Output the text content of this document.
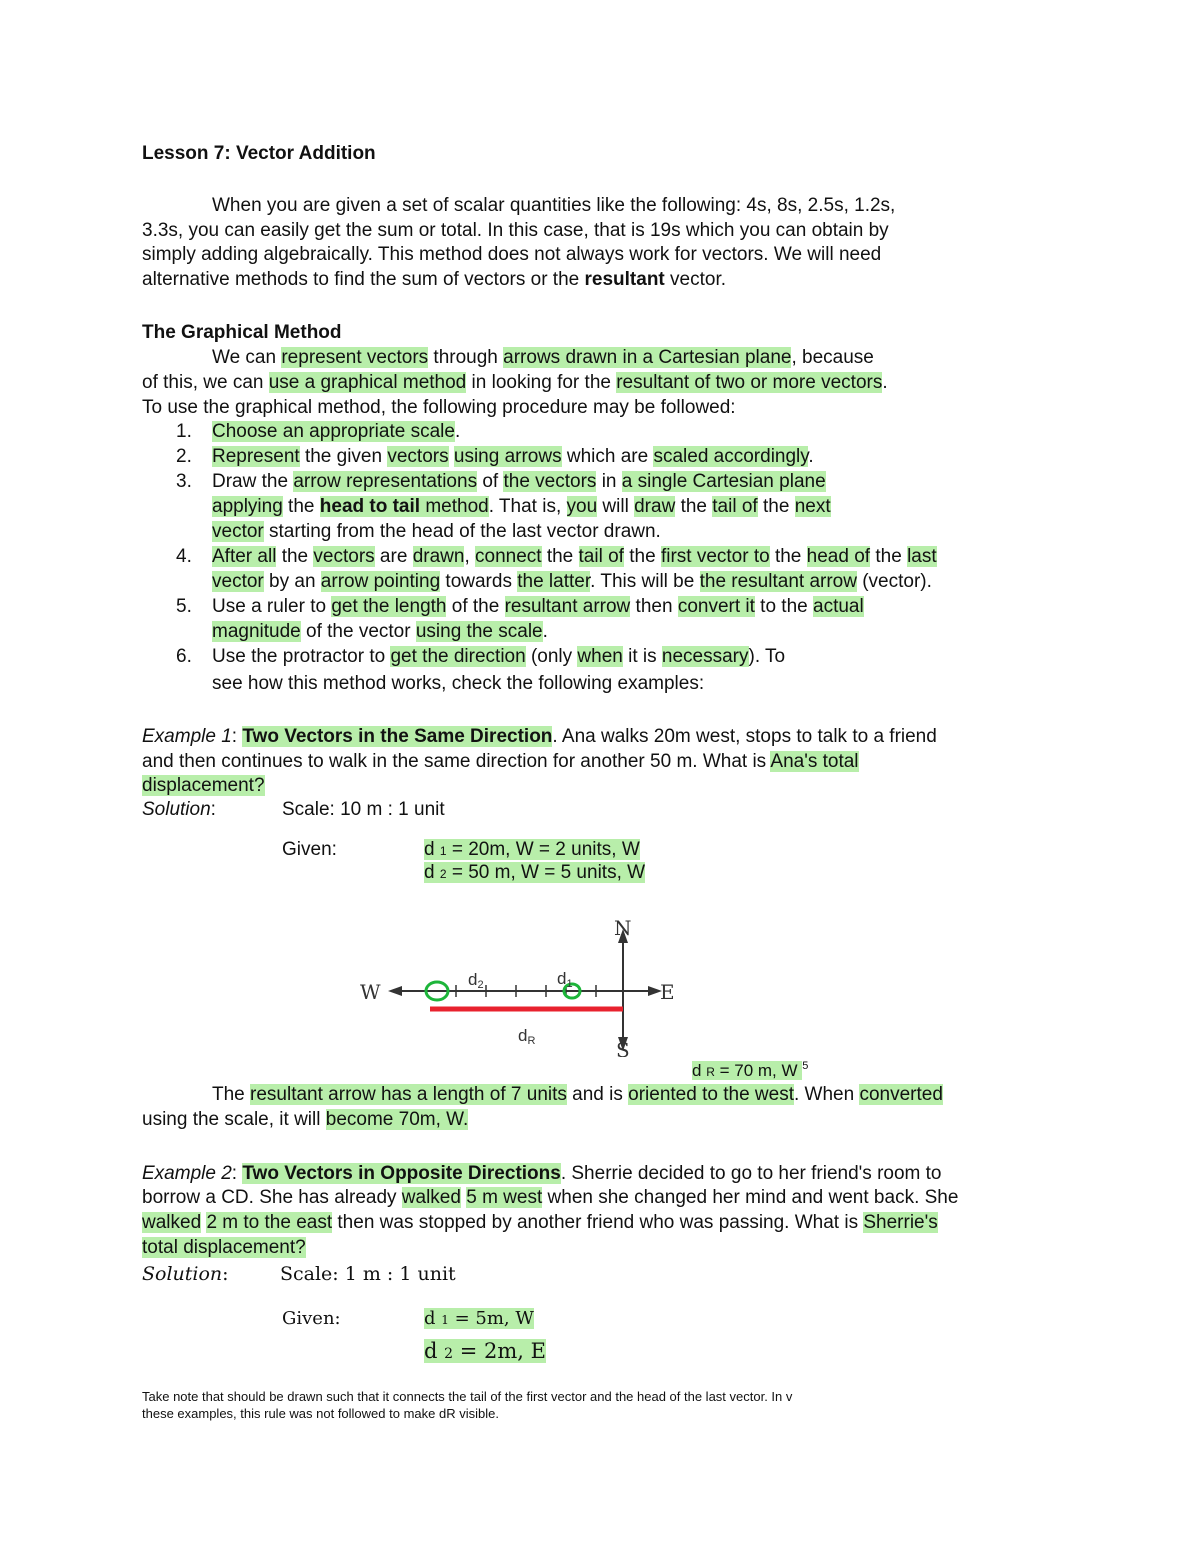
Lesson 7: Vector Addition
When you are given a set of scalar quantities like the following: 4s, 8s, 2.5s, 1.2s,
3.3s, you can easily get the sum or total. In this case, that is 19s which you can obtain by
simply adding algebraically. This method does not always work for vectors. We will need
alternative methods to find the sum of vectors or the resultant vector.
The Graphical Method
We can represent vectors through arrows drawn in a Cartesian plane, because
of this, we can use a graphical method in looking for the resultant of two or more vectors.
To use the graphical method, the following procedure may be followed:
1. Choose an appropriate scale.
2. Represent the given vectors using arrows which are scaled accordingly.
3. Draw the arrow representations of the vectors in a single Cartesian plane
applying the head to tail method. That is, you will draw the tail of the next
vector starting from the head of the last vector drawn.
4. After all the vectors are drawn, connect the tail of the first vector to the head of the last
vector by an arrow pointing towards the latter. This will be the resultant arrow (vector).
5. Use a ruler to get the length of the resultant arrow then convert it to the actual
magnitude of the vector using the scale.
6. Use the protractor to get the direction (only when it is necessary). To
see how this method works, check the following examples:
Example 1: Two Vectors in the Same Direction. Ana walks 20m west, stops to talk to a friend
and then continues to walk in the same direction for another 50 m. What is Ana's total
displacement?
Solution:	Scale: 10 m : 1 unit
Given:	d 1 = 20m, W = 2 units, W
d 2 = 50 m, W = 5 units, W
N
S
E
W
d2	d1
dR
d R = 70 m, W $^5$
The resultant arrow has a length of 7 units and is oriented to the west. When converted
using the scale, it will become 70m, W.
Example 2: Two Vectors in Opposite Directions. Sherrie decided to go to her friend's room to
borrow a CD. She has already walked 5 m west when she changed her mind and went back. She
walked 2 m to the east then was stopped by another friend who was passing. What is Sherrie's
total displacement?
Solution:	Scale: 1 m : 1 unit
Given:	d 1 = 5m, W
d 2 = 2m, E
Take note that should be drawn such that it connects the tail of the first vector and the head of the last vector. In v
these examples, this rule was not followed to make dR visible.
